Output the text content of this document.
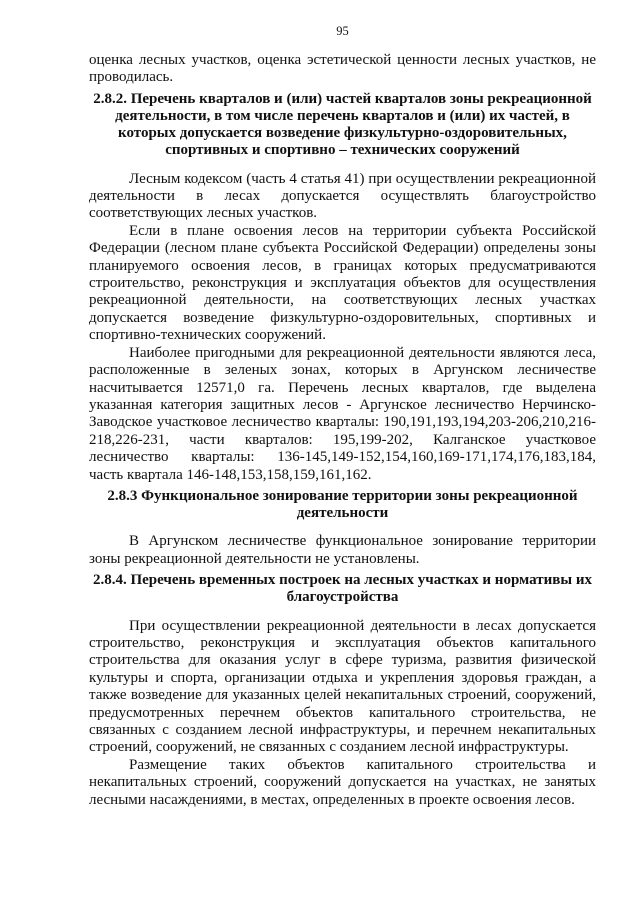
95

оценка лесных участков, оценка эстетической ценности лесных участков, не проводилась.

2.8.2. Перечень кварталов и (или) частей кварталов зоны рекреационной деятельности, в том числе перечень кварталов и (или) их частей, в которых допускается возведение физкультурно-оздоровительных, спортивных и спортивно – технических сооружений

Лесным кодексом (часть 4 статья 41) при осуществлении рекреационной деятельности в лесах допускается осуществлять благоустройство соответствующих лесных участков.

Если в плане освоения лесов на территории субъекта Российской Федерации (лесном плане субъекта Российской Федерации) определены зоны планируемого освоения лесов, в границах которых предусматриваются строительство, реконструкция и эксплуатация объектов для осуществления рекреационной деятельности, на соответствующих лесных участках допускается возведение физкультурно-оздоровительных, спортивных и спортивно-технических сооружений.

Наиболее пригодными для рекреационной деятельности являются леса, расположенные в зеленых зонах, которых в Аргунском лесничестве насчитывается 12571,0 га. Перечень лесных кварталов, где выделена указанная категория защитных лесов - Аргунское лесничество Нерчинско-Заводское участковое лесничество кварталы: 190,191,193,194,203-206,210,216-218,226-231, части кварталов: 195,199-202, Калганское участковое лесничество кварталы: 136-145,149-152,154,160,169-171,174,176,183,184, часть квартала 146-148,153,158,159,161,162.

2.8.3 Функциональное зонирование территории зоны рекреационной деятельности

В Аргунском лесничестве функциональное зонирование территории зоны рекреационной деятельности не установлены.

2.8.4. Перечень временных построек на лесных участках и нормативы их благоустройства

При осуществлении рекреационной деятельности в лесах допускается строительство, реконструкция и эксплуатация объектов капитального строительства для оказания услуг в сфере туризма, развития физической культуры и спорта, организации отдыха и укрепления здоровья граждан, а также возведение для указанных целей некапитальных строений, сооружений, предусмотренных перечнем объектов капитального строительства, не связанных с созданием лесной инфраструктуры, и перечнем некапитальных строений, сооружений, не связанных с созданием лесной инфраструктуры.

Размещение таких объектов капитального строительства и некапитальных строений, сооружений допускается на участках, не занятых лесными насаждениями, в местах, определенных в проекте освоения лесов.
